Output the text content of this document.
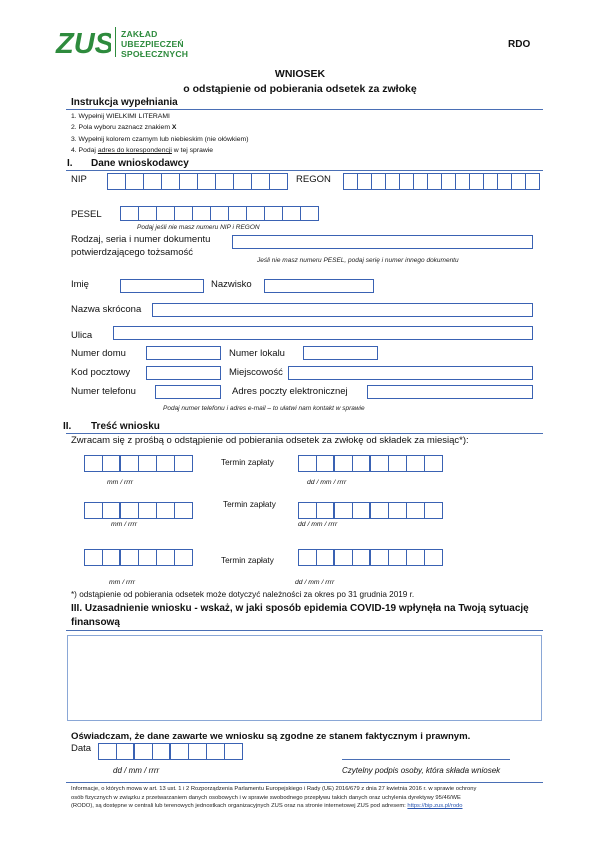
ZUS ZAKŁAD
UBEZPIECZEŃ
SPOŁECZNYCH
RDO
WNIOSEK
o odstąpienie od pobierania odsetek za zwłokę
Instrukcja wypełniania
1. Wypełnij WIELKIMI LITERAMI
2. Pola wyboru zaznacz znakiem X
3. Wypełnij kolorem czarnym lub niebieskim (nie ołówkiem)
4. Podaj adres do korespondencji w tej sprawie
I. Dane wnioskodawcy
NIP	REGON
PESEL
Podaj jeśli nie masz numeru NIP i REGON
Rodzaj, seria i numer dokumentu
potwierdzającego tożsamość
Jeśli nie masz numeru PESEL, podaj serię i numer innego dokumentu
Imię	Nazwisko
Nazwa skrócona
Ulica
Numer domu	Numer lokalu
Kod pocztowy	Miejscowość
Numer telefonu	Adres poczty elektronicznej
Podaj numer telefonu i adres e-mail – to ułatwi nam kontakt w sprawie
II. Treść wniosku
Zwracam się z prośbą o odstąpienie od pobierania odsetek za zwłokę od składek za miesiąc*):
Termin zapłaty
mm / rrrr	dd / mm / rrrr
Termin zapłaty
mm / rrrr	dd / mm / rrrr
Termin zapłaty
mm / rrrr	dd / mm / rrrr
*) odstąpienie od pobierania odsetek może dotyczyć należności za okres po 31 grudnia 2019 r.
III. Uzasadnienie wniosku - wskaż, w jaki sposób epidemia COVID-19 wpłynęła na Twoją sytuację
finansową
Oświadczam, że dane zawarte we wniosku są zgodne ze stanem faktycznym i prawnym.
Data
dd / mm / rrrr	Czytelny podpis osoby, która składa wniosek
Informacje, o których mowa w art. 13 ust. 1 i 2 Rozporządzenia Parlamentu Europejskiego i Rady (UE) 2016/679 z dnia 27 kwietnia 2016 r. w sprawie ochrony
osób fizycznych w związku z przetwarzaniem danych osobowych i w sprawie swobodnego przepływu takich danych oraz uchylenia dyrektywy 95/46/WE
(RODO), są dostępne w centrali lub terenowych jednostkach organizacyjnych ZUS oraz na stronie internetowej ZUS pod adresem: https://bip.zus.pl/rodo
